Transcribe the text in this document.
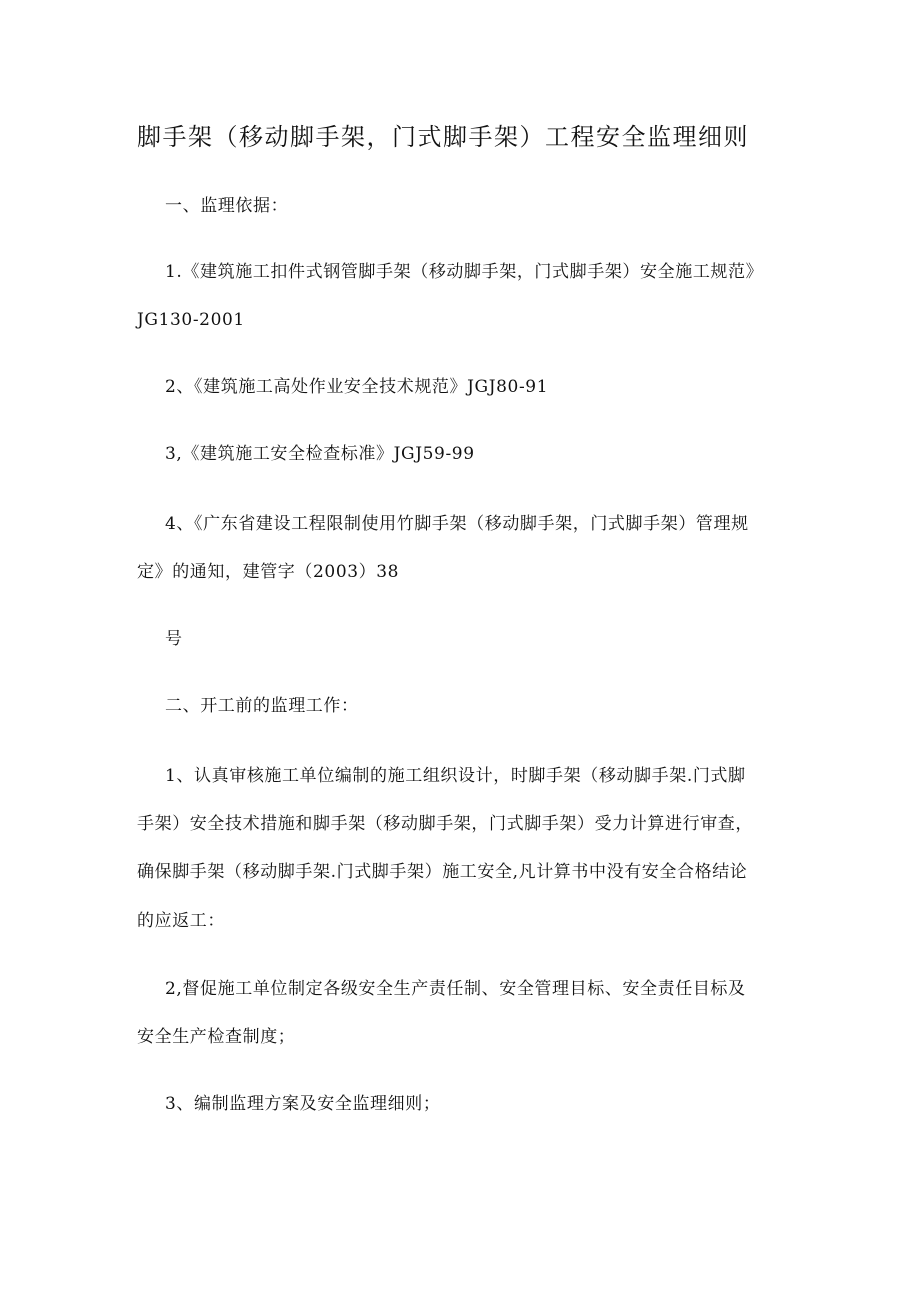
脚手架（移动脚手架，门式脚手架）工程安全监理细则
一、监理依据：
1.《建筑施工扣件式钢管脚手架（移动脚手架，门式脚手架）安全施工规范》
JG130-2001
2、《建筑施工高处作业安全技术规范》JGJ80-91
3,《建筑施工安全检查标准》JGJ59-99
4、《广东省建设工程限制使用竹脚手架（移动脚手架，门式脚手架）管理规
定》的通知，建管字（2003）38
号
二、开工前的监理工作：
1、认真审核施工单位编制的施工组织设计，时脚手架（移动脚手架.门式脚
手架）安全技术措施和脚手架（移动脚手架，门式脚手架）受力计算进行审查，
确保脚手架（移动脚手架.门式脚手架）施工安全,凡计算书中没有安全合格结论
的应返工：
2,督促施工单位制定各级安全生产责任制、安全管理目标、安全责任目标及
安全生产检查制度；
3、编制监理方案及安全监理细则；
